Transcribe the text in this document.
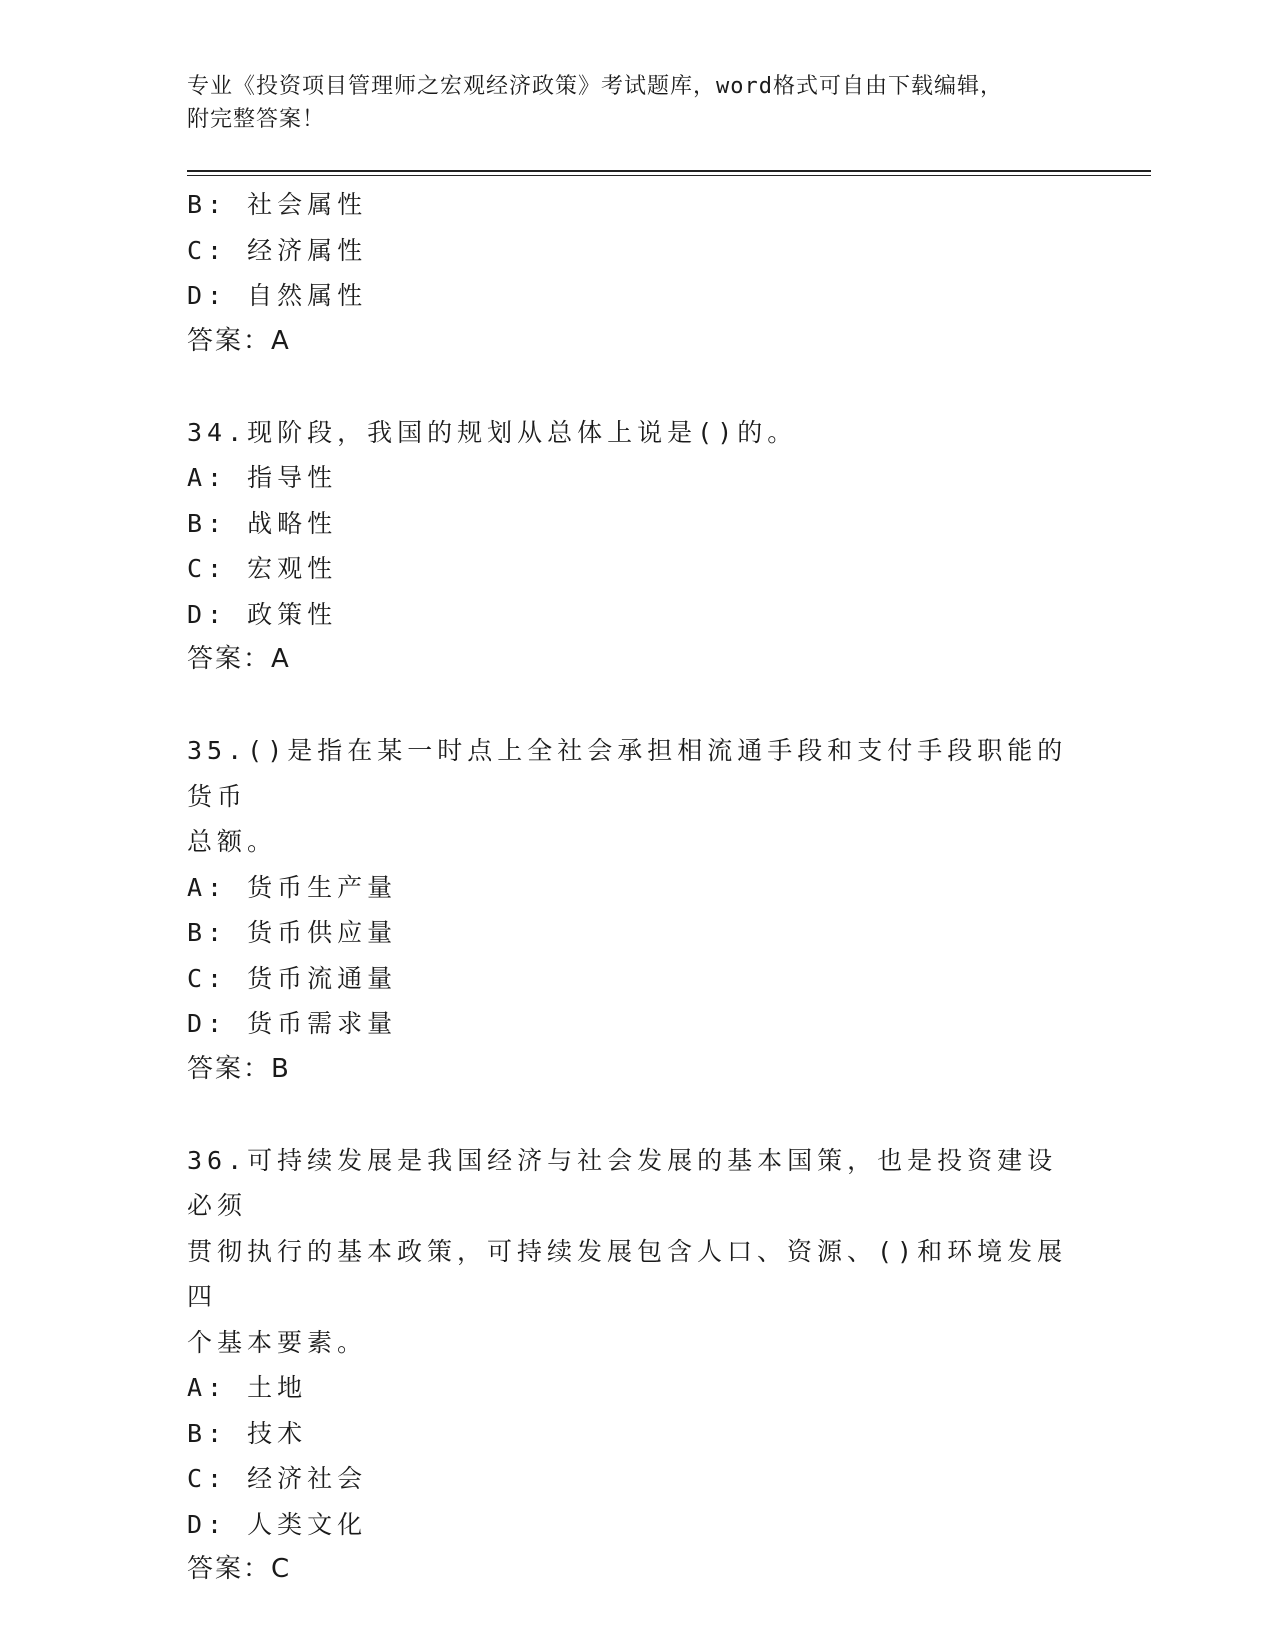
专业《投资项目管理师之宏观经济政策》考试题库，word格式可自由下载编辑，
附完整答案！
B: 社会属性
C: 经济属性
D: 自然属性
答案：A
34.现阶段，我国的规划从总体上说是()的。
A: 指导性
B: 战略性
C: 宏观性
D: 政策性
答案：A
35.()是指在某一时点上全社会承担相流通手段和支付手段职能的货币
总额。
A: 货币生产量
B: 货币供应量
C: 货币流通量
D: 货币需求量
答案：B
36.可持续发展是我国经济与社会发展的基本国策，也是投资建设必须
贯彻执行的基本政策，可持续发展包含人口、资源、()和环境发展四
个基本要素。
A: 土地
B: 技术
C: 经济社会
D: 人类文化
答案：C
